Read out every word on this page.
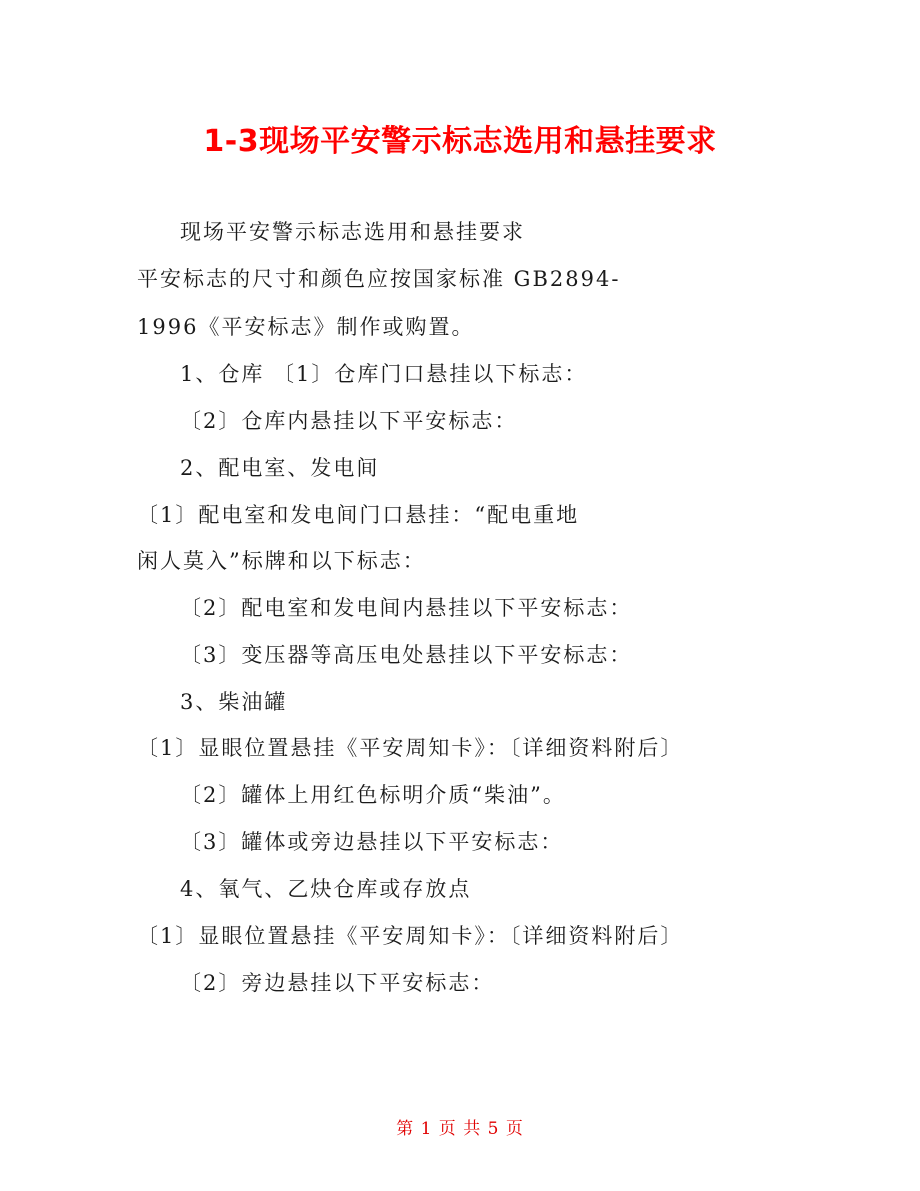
1-3现场平安警示标志选用和悬挂要求
现场平安警示标志选用和悬挂要求
平安标志的尺寸和颜色应按国家标准 GB2894-
1996《平安标志》制作或购置。
1、仓库 〔1〕仓库门口悬挂以下标志：
〔2〕仓库内悬挂以下平安标志：
2、配电室、发电间
〔1〕配电室和发电间门口悬挂：“配电重地
闲人莫入”标牌和以下标志：
〔2〕配电室和发电间内悬挂以下平安标志：
〔3〕变压器等高压电处悬挂以下平安标志：
3、柴油罐
〔1〕显眼位置悬挂《平安周知卡》：〔详细资料附后〕
〔2〕罐体上用红色标明介质“柴油”。
〔3〕罐体或旁边悬挂以下平安标志：
4、氧气、乙炔仓库或存放点
〔1〕显眼位置悬挂《平安周知卡》：〔详细资料附后〕
〔2〕旁边悬挂以下平安标志：
第 1 页 共 5 页
